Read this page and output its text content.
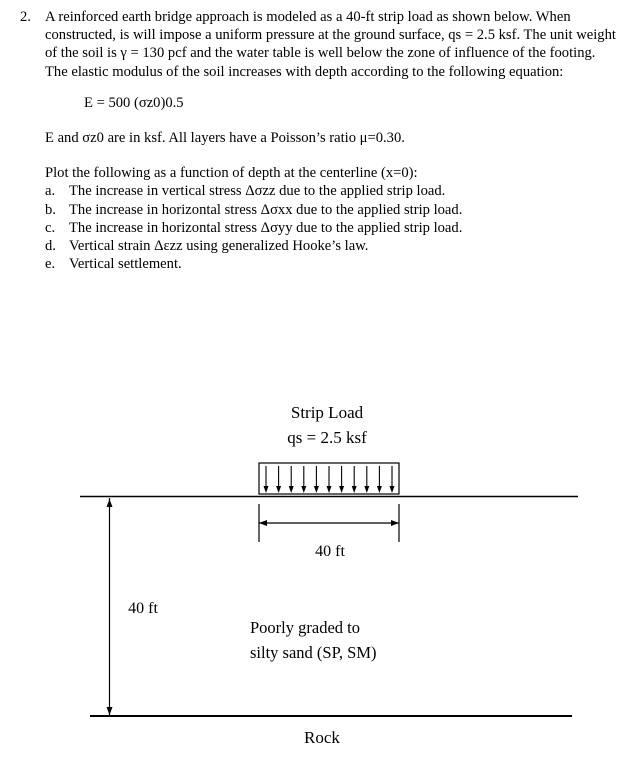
2. A reinforced earth bridge approach is modeled as a 40-ft strip load as shown below. When constructed, is will impose a uniform pressure at the ground surface, qs = 2.5 ksf. The unit weight of the soil is γ = 130 pcf and the water table is well below the zone of influence of the footing. The elastic modulus of the soil increases with depth according to the following equation:
E = 500 (σz0)0.5
E and σz0 are in ksf. All layers have a Poisson’s ratio μ=0.30.
Plot the following as a function of depth at the centerline (x=0):
a. The increase in vertical stress Δσzz due to the applied strip load.
b. The increase in horizontal stress Δσxx due to the applied strip load.
c. The increase in horizontal stress Δσyy due to the applied strip load.
d. Vertical strain Δεzz using generalized Hooke’s law.
e. Vertical settlement.
Strip Load
qs = 2.5 ksf
40 ft
40 ft
Poorly graded to
silty sand (SP, SM)
Rock
